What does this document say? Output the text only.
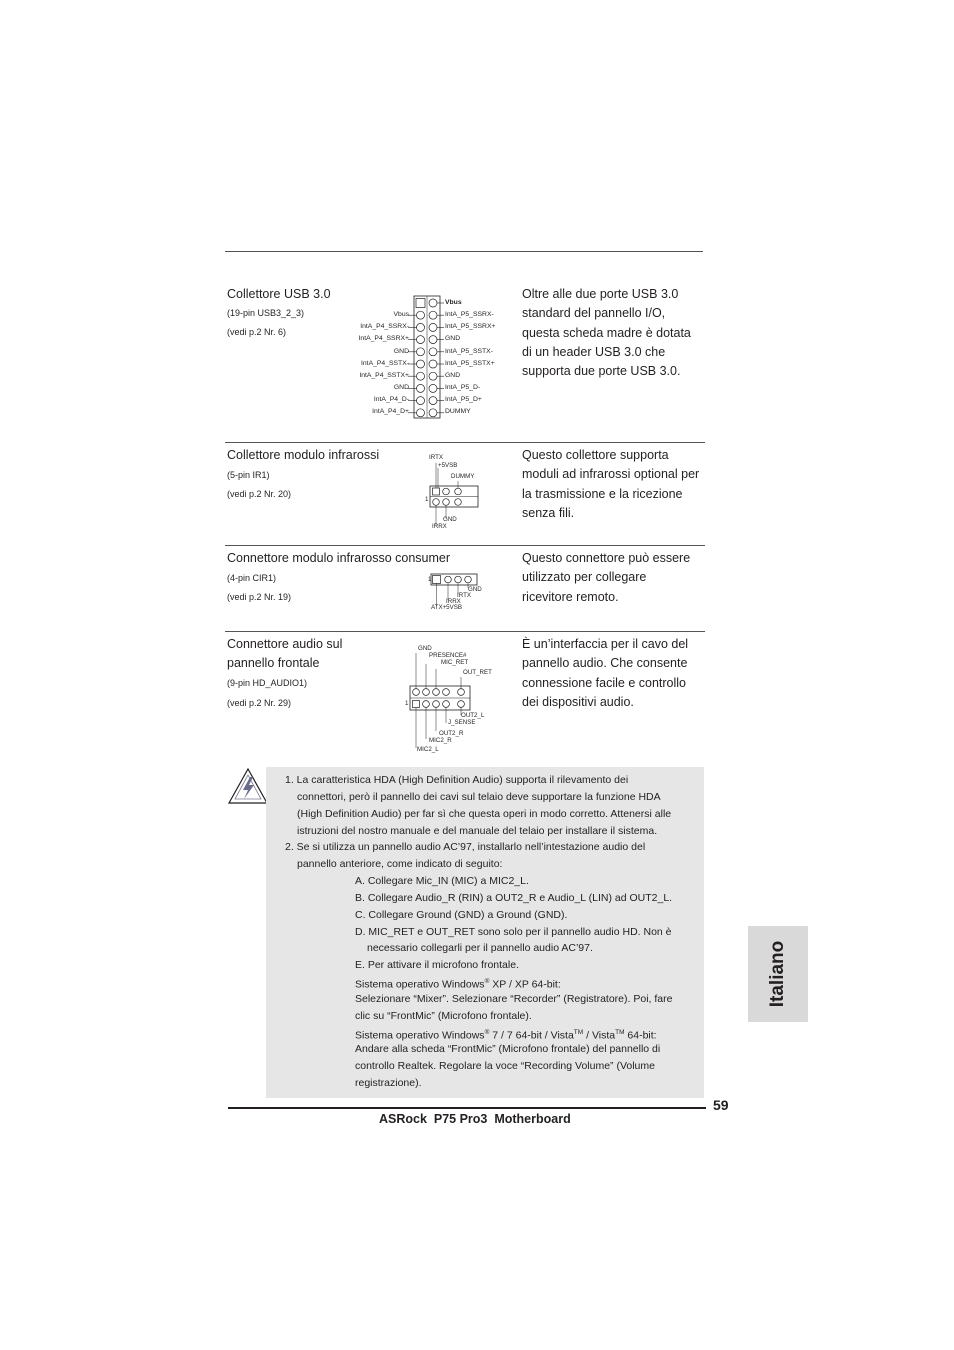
Collettore USB 3.0
(19-pin USB3_2_3)
(vedi p.2 Nr. 6)
Vbus
IntA_P4_SSRX-
IntA_P4_SSRX+
GND
IntA_P4_SSTX-
IntA_P4_SSTX+
GND
IntA_P4_D-
IntA_P4_D+
Vbus
IntA_P5_SSRX-
IntA_P5_SSRX+
GND
IntA_P5_SSTX-
IntA_P5_SSTX+
GND
IntA_P5_D-
IntA_P5_D+
DUMMY
Oltre alle due porte USB 3.0
standard del pannello I/O,
questa scheda madre è dotata
di un header USB 3.0 che
supporta due porte USB 3.0.
Collettore modulo infrarossi
(5-pin IR1)
(vedi p.2 Nr. 20)
IRTX
+5VSB
DUMMY
1
GND
IRRX
Questo collettore supporta
moduli ad infrarossi optional per
la trasmissione e la ricezione
senza fili.
Connettore modulo infrarosso consumer
(4-pin CIR1)
(vedi p.2 Nr. 19)
1
GND
IRTX
IRRX
ATX+5VSB
Questo connettore può essere
utilizzato per collegare
ricevitore remoto.
Connettore audio sul
pannello frontale
(9-pin HD_AUDIO1)
(vedi p.2 Nr. 29)
GND
PRESENCE#
MIC_RET
OUT_RET
1
OUT2_L
J_SENSE
OUT2_R
MIC2_R
MIC2_L
È un’interfaccia per il cavo del
pannello audio. Che consente
connessione facile e controllo
dei dispositivi audio.
1. La caratteristica HDA (High Definition Audio) supporta il rilevamento dei
connettori, però il pannello dei cavi sul telaio deve supportare la funzione HDA
(High Definition Audio) per far sì che questa operi in modo corretto. Attenersi alle
istruzioni del nostro manuale e del manuale del telaio per installare il sistema.
2. Se si utilizza un pannello audio AC’97, installarlo nell’intestazione audio del
pannello anteriore, come indicato di seguito:
A. Collegare Mic_IN (MIC) a MIC2_L.
B. Collegare Audio_R (RIN) a OUT2_R e Audio_L (LIN) ad OUT2_L.
C. Collegare Ground (GND) a Ground (GND).
D. MIC_RET e OUT_RET sono solo per il pannello audio HD. Non è
necessario collegarli per il pannello audio AC’97.
E. Per attivare il microfono frontale.
Sistema operativo Windows® XP / XP 64-bit:
Selezionare “Mixer”. Selezionare “Recorder” (Registratore). Poi, fare
clic su “FrontMic” (Microfono frontale).
Sistema operativo Windows® 7 / 7 64-bit / Vista™ / Vista™ 64-bit:
Andare alla scheda “FrontMic” (Microfono frontale) del pannello di
controllo Realtek. Regolare la voce “Recording Volume” (Volume
registrazione).
Italiano
59
ASRock  P75 Pro3  Motherboard
